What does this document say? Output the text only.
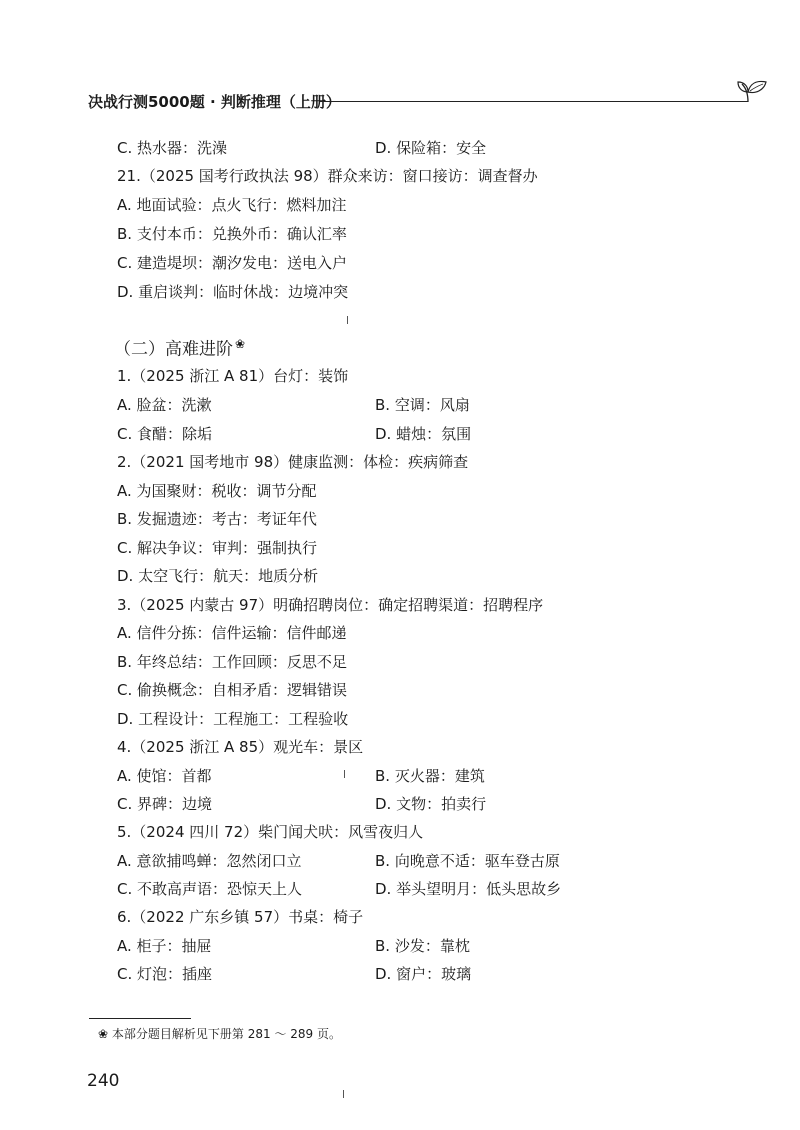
决战行测5000题 · 判断推理（上册）
C. 热水器：洗澡	D. 保险箱：安全
21.（2025 国考行政执法 98）群众来访：窗口接访：调查督办
A. 地面试验：点火飞行：燃料加注
B. 支付本币：兑换外币：确认汇率
C. 建造堤坝：潮汐发电：送电入户
D. 重启谈判：临时休战：边境冲突
（二）高难进阶 ❀
1.（2025 浙江 A 81）台灯：装饰
A. 脸盆：洗漱	B. 空调：风扇
C. 食醋：除垢	D. 蜡烛：氛围
2.（2021 国考地市 98）健康监测：体检：疾病筛查
A. 为国聚财：税收：调节分配
B. 发掘遗迹：考古：考证年代
C. 解决争议：审判：强制执行
D. 太空飞行：航天：地质分析
3.（2025 内蒙古 97）明确招聘岗位：确定招聘渠道：招聘程序
A. 信件分拣：信件运输：信件邮递
B. 年终总结：工作回顾：反思不足
C. 偷换概念：自相矛盾：逻辑错误
D. 工程设计：工程施工：工程验收
4.（2025 浙江 A 85）观光车：景区
A. 使馆：首都	B. 灭火器：建筑
C. 界碑：边境	D. 文物：拍卖行
5.（2024 四川 72）柴门闻犬吠：风雪夜归人
A. 意欲捕鸣蝉：忽然闭口立	B. 向晚意不适：驱车登古原
C. 不敢高声语：恐惊天上人	D. 举头望明月：低头思故乡
6.（2022 广东乡镇 57）书桌：椅子
A. 柜子：抽屉	B. 沙发：靠枕
C. 灯泡：插座	D. 窗户：玻璃
❀ 本部分题目解析见下册第 281 ～ 289 页。
240
